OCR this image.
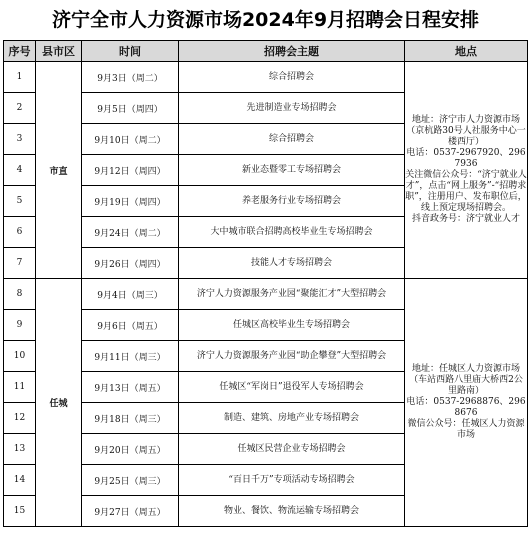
济宁全市人力资源市场2024年9月招聘会日程安排
序号	县市区	时间	招聘会主题	地点
1	市直	9月3日（周二）	综合招聘会	地址：济宁市人力资源市场（京杭路30号人社服务中心一楼西厅）
电话：0537-2967920、2967936
关注微信公众号：“济宁就业人才”，点击“网上服务”-“招聘求职”，注册用户、发布职位后，线上预定现场招聘会。
抖音政务号：济宁就业人才

2		9月5日（周四）	先进制造业专场招聘会	
3		9月10日（周二）	综合招聘会	
4		9月12日（周四）	新业态暨零工专场招聘会	
5		9月19日（周四）	养老服务行业专场招聘会	
6		9月24日（周二）	大中城市联合招聘高校毕业生专场招聘会	
7		9月26日（周四）	技能人才专场招聘会	
8	任城	9月4日（周三）	济宁人力资源服务产业园“聚能汇才”大型招聘会	地址：任城区人力资源市场（车站西路八里庙大桥西2公里路南）
电话：0537-2968876、2968676
微信公众号：任城区人力资源市场

9		9月6日（周五）	任城区高校毕业生专场招聘会	
10		9月11日（周三）	济宁人力资源服务产业园“助企攀登”大型招聘会	
11		9月13日（周五）	任城区“军岗日”退役军人专场招聘会	
12		9月18日（周三）	制造、建筑、房地产业专场招聘会	
13		9月20日（周五）	任城区民营企业专场招聘会	
14		9月25日（周三）	“百日千万”专项活动专场招聘会	
15		9月27日（周五）	物业、餐饮、物流运输专场招聘会	
